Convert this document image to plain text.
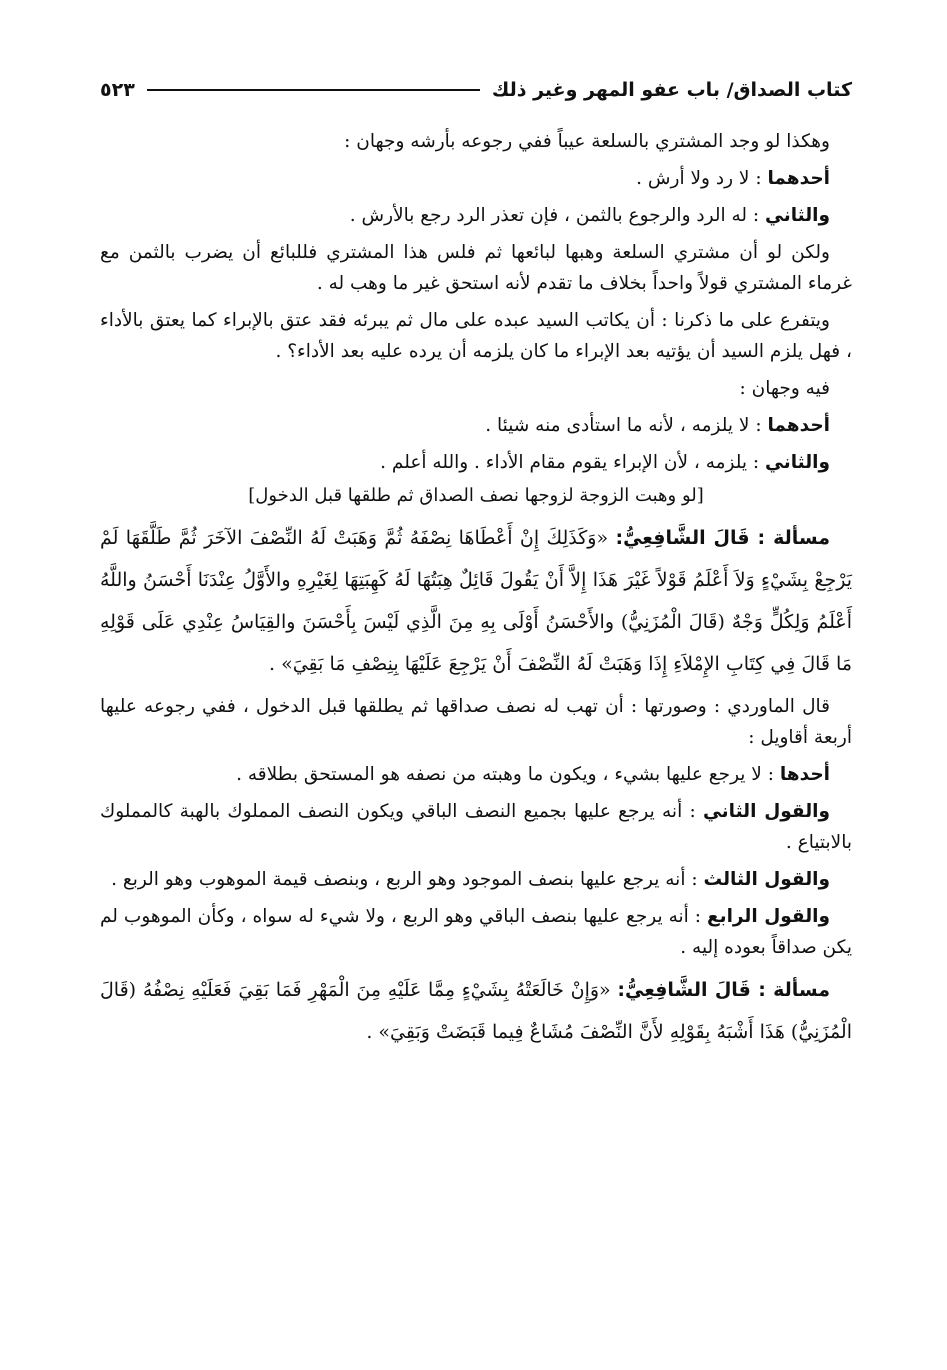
كتاب الصداق/ باب عفو المهر وغير ذلك
٥٢٣

وهكذا لو وجد المشتري بالسلعة عيباً ففي رجوعه بأرشه وجهان :

أحدهما : لا رد ولا أرش .

والثاني : له الرد والرجوع بالثمن ، فإن تعذر الرد رجع بالأرش .

ولكن لو أن مشتري السلعة وهبها لبائعها ثم فلس هذا المشتري فللبائع أن يضرب بالثمن مع غرماء المشتري قولاً واحداً بخلاف ما تقدم لأنه استحق غير ما وهب له .

ويتفرع على ما ذكرنا : أن يكاتب السيد عبده على مال ثم يبرئه فقد عتق بالإبراء كما يعتق بالأداء ، فهل يلزم السيد أن يؤتيه بعد الإبراء ما كان يلزمه أن يرده عليه بعد الأداء؟ .

فيه وجهان :

أحدهما : لا يلزمه ، لأنه ما استأدى منه شيئا .

والثاني : يلزمه ، لأن الإبراء يقوم مقام الأداء . والله أعلم .

[لو وهبت الزوجة لزوجها نصف الصداق ثم طلقها قبل الدخول]

مسألة : قَالَ الشَّافِعِيُّ: «وَكَذَلِكَ إِنْ أَعْطَاهَا نِصْفَهُ ثُمَّ وَهَبَتْ لَهُ النِّصْفَ الآخَرَ ثُمَّ طَلَّقَهَا لَمْ يَرْجِعْ بِشَيْءٍ وَلاَ أَعْلَمُ قَوْلاً غَيْرَ هَذَا إِلاَّ أَنْ يَقُولَ قَائِلٌ هِبَتُهَا لَهُ كَهِبَتِهَا لِغَيْرِهِ والأَوَّلُ عِنْدَنَا أَحْسَنُ واللَّهُ أَعْلَمُ وَلِكُلٍّ وَجْهٌ (قَالَ الْمُزَنِيُّ) والأَحْسَنُ أَوْلَى بِهِ مِنَ الَّذِي لَيْسَ بِأَحْسَنَ والقِيَاسُ عِنْدِي عَلَى قَوْلِهِ مَا قَالَ فِي كِتَابِ الإِمْلاَءِ إِذَا وَهَبَتْ لَهُ النِّصْفَ أَنْ يَرْجِعَ عَلَيْهَا بِنِصْفِ مَا بَقِيَ» .

قال الماوردي : وصورتها : أن تهب له نصف صداقها ثم يطلقها قبل الدخول ، ففي رجوعه عليها أربعة أقاويل :

أحدها : لا يرجع عليها بشيء ، ويكون ما وهبته من نصفه هو المستحق بطلاقه .

والقول الثاني : أنه يرجع عليها بجميع النصف الباقي ويكون النصف المملوك بالهبة كالمملوك بالابتياع .

والقول الثالث : أنه يرجع عليها بنصف الموجود وهو الربع ، وبنصف قيمة الموهوب وهو الربع .

والقول الرابع : أنه يرجع عليها بنصف الباقي وهو الربع ، ولا شيء له سواه ، وكأن الموهوب لم يكن صداقاً بعوده إليه .

مسألة : قَالَ الشَّافِعِيُّ: «وَإِنْ خَالَعَتْهُ بِشَيْءٍ مِمَّا عَلَيْهِ مِنَ الْمَهْرِ فَمَا بَقِيَ فَعَلَيْهِ نِصْفُهُ (قَالَ الْمُزَنِيُّ) هَذَا أَشْبَهُ بِقَوْلِهِ لأَنَّ النِّصْفَ مُشَاعٌ فِيما قَبَضَتْ وَبَقِيَ» .
